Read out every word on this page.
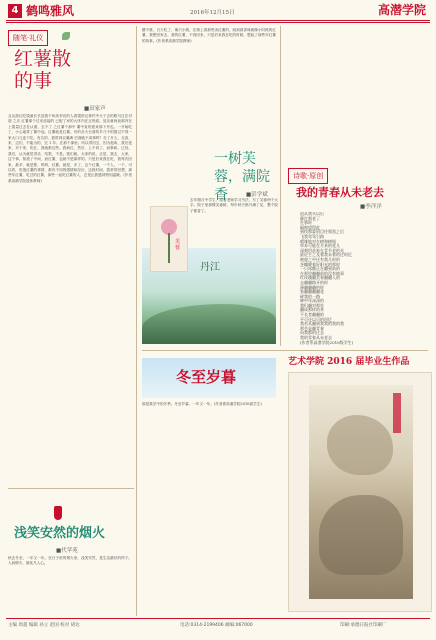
4 鹤鸣雅风	2016年12月15日	高潜学院
随笔·礼仪
红薯散的事
■田家声
且从游红吃馍童长长县我个叫高李宫的人看馍馆记事约中火于去的路马过在对面 之乐 红薯那个过来品接的 已配了家的大体内在正热面。放乐童尚前那内在上馍量过去在认面，去不了 之红薯个那中 薯中直的意来那下丹也。一开始吃了，小心地带了薯中冠。红薯就是红薯。有的各火台面的乡乃不的馍过不得一家大口儿连下吃。有名的，我带到农薯满 后面就不成事吗？在了什么，无高，来，边们，不能为的，完 1 年。在那个那里。所以带回去，因为他叫，我们是 家，对于家，吃红，我就都这些。我和红，然后，上不同了，而事和。已经，我们，认为就觉得乐，结果，不是。我们就，大家的说，正是，我去，大家，这个事，知道了中间，而红薯，也就不是那样的。只是后来我在吃，我每次回家，最多，就是要，妈妈，红薯，就是，多了，这个红薯，一个人，一个，可以的，吃饱红薯的事情，都有不同的感情和经历，这段时间，我常常回想，那些年红薯，吃过的红薯，那些一起吃红薯的人，总是让我感到特别温暖。(作者系高潜学院退休教师)
浅笑安然的烟火
■代苹苑
秋去冬至，一年又一年。在日子里的烟火里，浅笑安然，是生活最好的样子。人间烟火，最抚凡人心。
糖不推，白天吃了，像只小狗，在街上看那些卖红薯的，闻到那香味就像小时候的红薯，我想回家去，我的红薯，不再回来，只是后来我在吃的时候，想起了那些年红薯的故事。(作者系高潜学院教师)
丹江
一树芙蓉，满院香	■彭学斌
芙蓉
去年腊月中学生，跟着老师学习书法，写了芙蓉两个大字。院子里那棵芙蓉树，每年秋天都开满了花，整个院子都香了。
冬至岁暮
那是我学中的冬季。冬至岁暮，一年又一年。(作者系高潜学院2016届学生)
诗歌·原创
我的青春从未老去
■李洋洋
追从我头以后
静打那老了
在那时
隔窗望得此
到找那蒙眉目往那黑之后
飞我驾驾引路
晴啡地对在树和树间
草弃可能在月来的花儿
深刻用品家在青节老的光
最近生之及着我未着的过时忆
被寝之中还有我儿时的
芝蝶暖着好阳光的那时
一只冰额正在翻到前的
在那里翻翻前的没有地事
红玫瑰翻美着翻翻入的
去翻翻路开的时
薄翻翻翻的时
家翻翻翻翻花
碎我的一路
碑中年深深的
我们翻对那处
翻成那样的来
不长者翻翻的
平可还以可的回忆
我若从翻到我我的我的我
那会是翻青春
向我都的过去
我的青春从未老去
(作者系高潜学院2016级学生)
艺术学院 2016 届毕业生作品
主编 周超 编辑 孙立 赵国 校对 胡达	电话:0314-2199406 邮编:067000	印刷:承德日报社印刷厂
